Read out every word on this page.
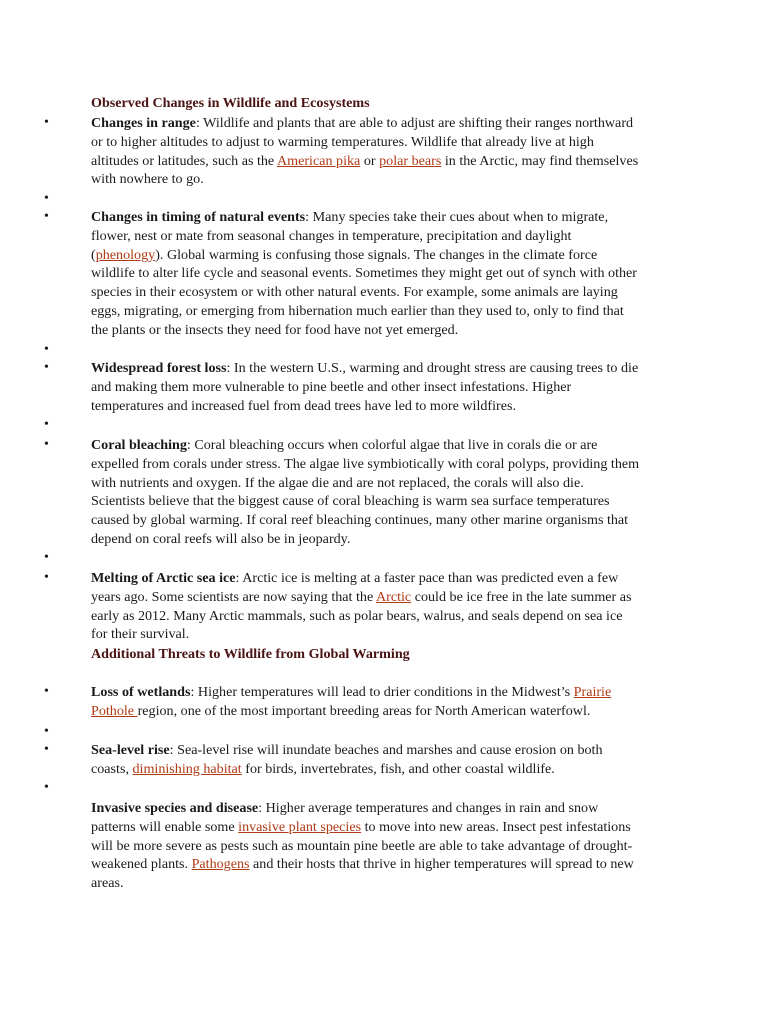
Observed Changes in Wildlife and Ecosystems
•
•
•
•
•
•
•
•
•
•
•
•
•
Changes in range: Wildlife and plants that are able to adjust are shifting their ranges northward
or to higher altitudes to adjust to warming temperatures. Wildlife that already live at high
altitudes or latitudes, such as the American pika or polar bears in the Arctic, may find themselves
with nowhere to go.
Changes in timing of natural events: Many species take their cues about when to migrate,
flower, nest or mate from seasonal changes in temperature, precipitation and daylight
(phenology). Global warming is confusing those signals. The changes in the climate force
wildlife to alter life cycle and seasonal events. Sometimes they might get out of synch with other
species in their ecosystem or with other natural events. For example, some animals are laying
eggs, migrating, or emerging from hibernation much earlier than they used to, only to find that
the plants or the insects they need for food have not yet emerged.
Widespread forest loss: In the western U.S., warming and drought stress are causing trees to die
and making them more vulnerable to pine beetle and other insect infestations. Higher
temperatures and increased fuel from dead trees have led to more wildfires.
Coral bleaching: Coral bleaching occurs when colorful algae that live in corals die or are
expelled from corals under stress. The algae live symbiotically with coral polyps, providing them
with nutrients and oxygen. If the algae die and are not replaced, the corals will also die.
Scientists believe that the biggest cause of coral bleaching is warm sea surface temperatures
caused by global warming. If coral reef bleaching continues, many other marine organisms that
depend on coral reefs will also be in jeopardy.
Melting of Arctic sea ice: Arctic ice is melting at a faster pace than was predicted even a few
years ago. Some scientists are now saying that the Arctic could be ice free in the late summer as
early as 2012. Many Arctic mammals, such as polar bears, walrus, and seals depend on sea ice
for their survival.
Additional Threats to Wildlife from Global Warming
Loss of wetlands: Higher temperatures will lead to drier conditions in the Midwest’s Prairie
Pothole region, one of the most important breeding areas for North American waterfowl.
Sea-level rise: Sea-level rise will inundate beaches and marshes and cause erosion on both
coasts, diminishing habitat for birds, invertebrates, fish, and other coastal wildlife.
Invasive species and disease: Higher average temperatures and changes in rain and snow
patterns will enable some invasive plant species to move into new areas. Insect pest infestations
will be more severe as pests such as mountain pine beetle are able to take advantage of drought-
weakened plants. Pathogens and their hosts that thrive in higher temperatures will spread to new
areas.
